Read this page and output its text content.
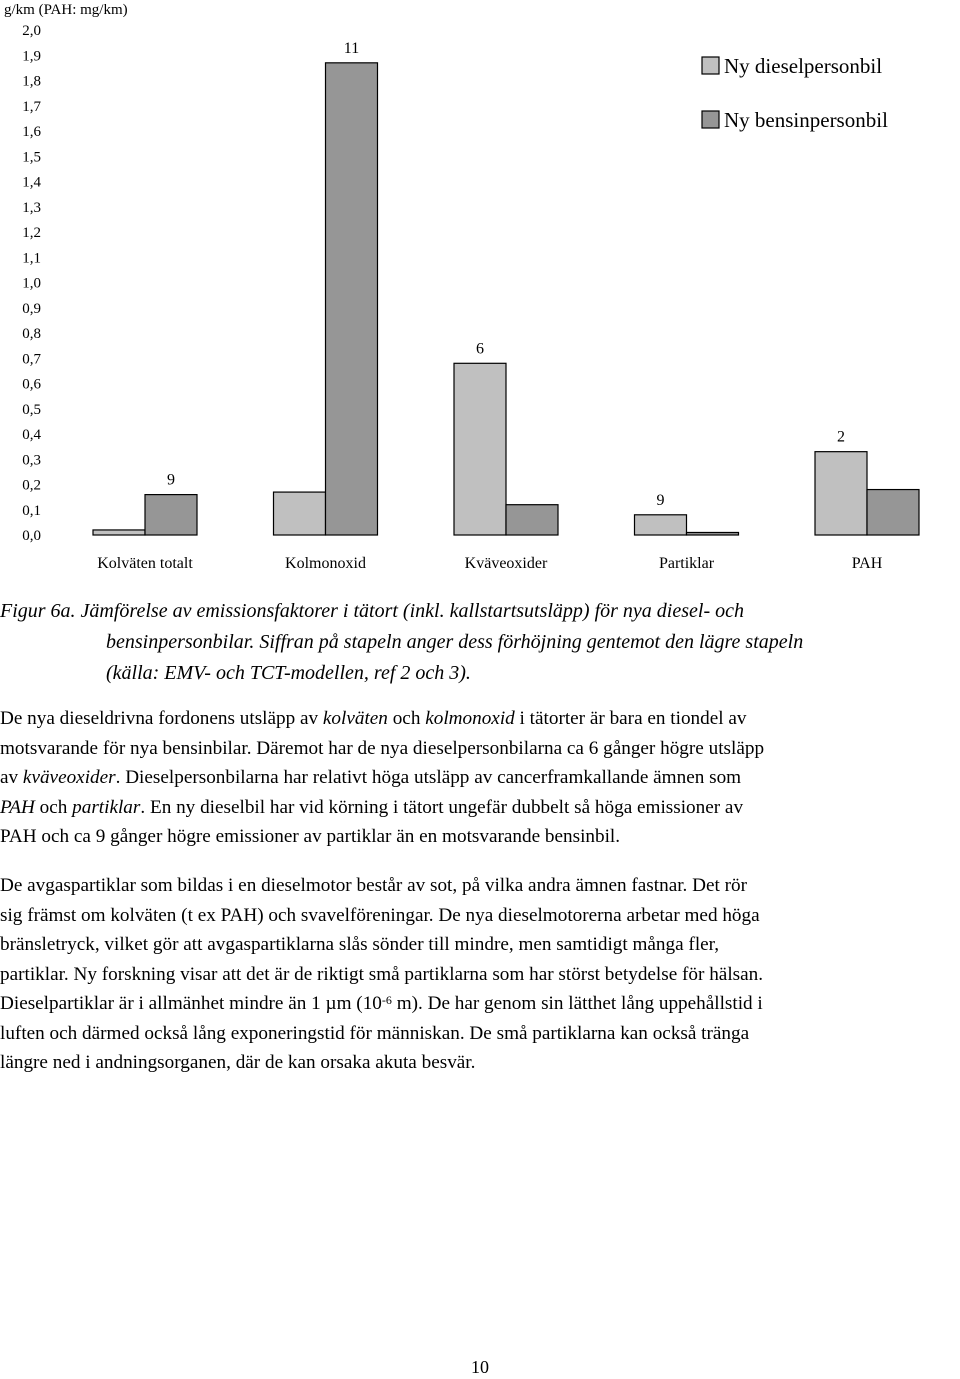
g/km (PAH: mg/km)
0,0
0,1
0,2
0,3
0,4
0,5
0,6
0,7
0,8
0,9
1,0
1,1
1,2
1,3
1,4
1,5
1,6
1,7
1,8
1,9
2,0
9
11
6
9
2
Kolväten totalt	Kolmonoxid	Kväveoxider	Partiklar	PAH
Ny dieselpersonbil
Ny bensinpersonbil
Figur 6a. Jämförelse av emissionsfaktorer i tätort (inkl. kallstartsutsläpp) för nya diesel- och
bensinpersonbilar. Siffran på stapeln anger dess förhöjning gentemot den lägre stapeln
(källa: EMV- och TCT-modellen, ref 2 och 3).
De nya dieseldrivna fordonens utsläpp av kolväten och kolmonoxid i tätorter är bara en tiondel av
motsvarande för nya bensinbilar. Däremot har de nya dieselpersonbilarna ca 6 gånger högre utsläpp
av kväveoxider. Dieselpersonbilarna har relativt höga utsläpp av cancerframkallande ämnen som
PAH och partiklar. En ny dieselbil har vid körning i tätort ungefär dubbelt så höga emissioner av
PAH och ca 9 gånger högre emissioner av partiklar än en motsvarande bensinbil.
De avgaspartiklar som bildas i en dieselmotor består av sot, på vilka andra ämnen fastnar. Det rör
sig främst om kolväten (t ex PAH) och svavelföreningar. De nya dieselmotorerna arbetar med höga
bränsletryck, vilket gör att avgaspartiklarna slås sönder till mindre, men samtidigt många fler,
partiklar. Ny forskning visar att det är de riktigt små partiklarna som har störst betydelse för hälsan.
Dieselpartiklar är i allmänhet mindre än 1 µm ($10^{-6}$ m). De har genom sin lätthet lång uppehållstid i
luften och därmed också lång exponeringstid för människan. De små partiklarna kan också tränga
längre ned i andningsorganen, där de kan orsaka akuta besvär.
10
